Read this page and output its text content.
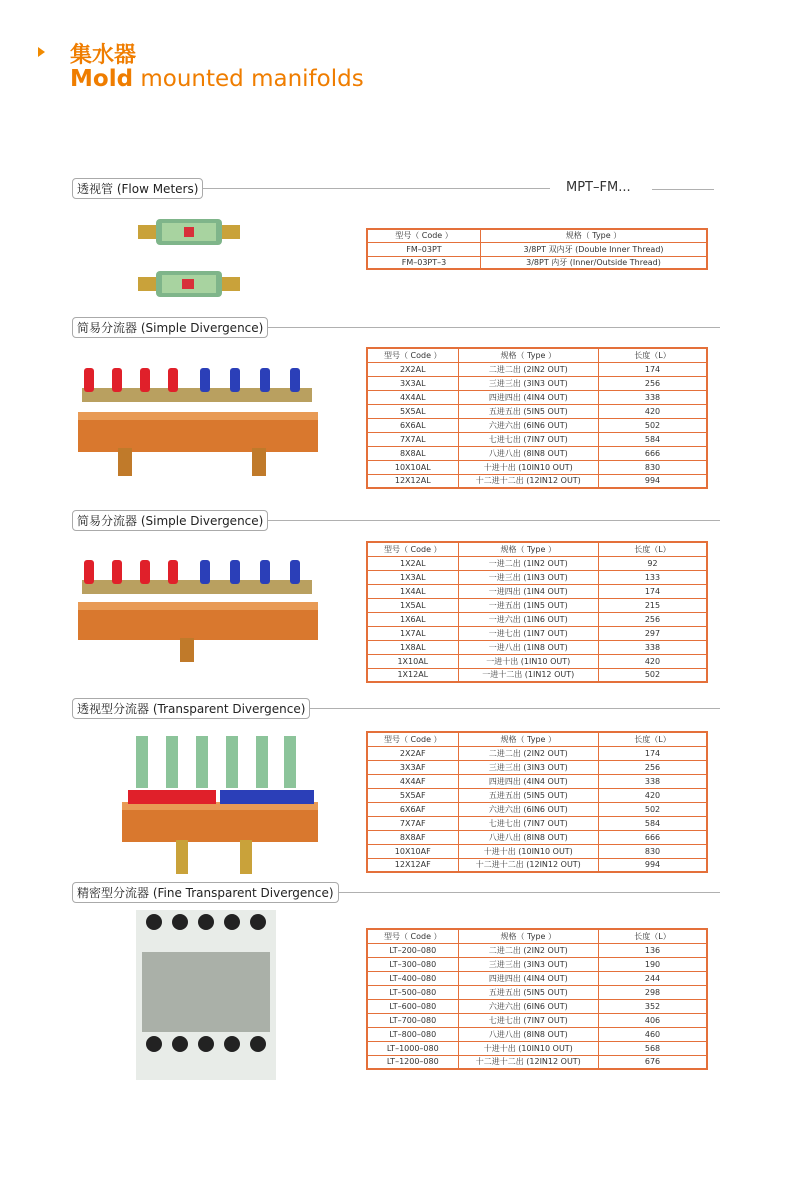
集水器
Mold mounted manifolds
透视管 (Flow Meters)	MPT–FM...
型号（ Code ）	规格（ Type ）
FM–03PT	3/8PT 双内牙 (Double Inner Thread)
FM–03PT–3	3/8PT 内牙 (Inner/Outside Thread)
简易分流器 (Simple Divergence)
型号（ Code ）	规格（ Type ）	长度（L）
2X2AL	二进二出 (2IN2 OUT)	174
3X3AL	三进三出 (3IN3 OUT)	256
4X4AL	四进四出 (4IN4 OUT)	338
5X5AL	五进五出 (5IN5 OUT)	420
6X6AL	六进六出 (6IN6 OUT)	502
7X7AL	七进七出 (7IN7 OUT)	584
8X8AL	八进八出 (8IN8 OUT)	666
10X10AL	十进十出 (10IN10 OUT)	830
12X12AL	十二进十二出 (12IN12 OUT)	994
简易分流器 (Simple Divergence)
型号（ Code ）	规格（ Type ）	长度（L）
1X2AL	一进二出 (1IN2 OUT)	92
1X3AL	一进三出 (1IN3 OUT)	133
1X4AL	一进四出 (1IN4 OUT)	174
1X5AL	一进五出 (1IN5 OUT)	215
1X6AL	一进六出 (1IN6 OUT)	256
1X7AL	一进七出 (1IN7 OUT)	297
1X8AL	一进八出 (1IN8 OUT)	338
1X10AL	一进十出 (1IN10 OUT)	420
1X12AL	一进十二出 (1IN12 OUT)	502
透视型分流器 (Transparent Divergence)
型号（ Code ）	规格（ Type ）	长度（L）
2X2AF	二进二出 (2IN2 OUT)	174
3X3AF	三进三出 (3IN3 OUT)	256
4X4AF	四进四出 (4IN4 OUT)	338
5X5AF	五进五出 (5IN5 OUT)	420
6X6AF	六进六出 (6IN6 OUT)	502
7X7AF	七进七出 (7IN7 OUT)	584
8X8AF	八进八出 (8IN8 OUT)	666
10X10AF	十进十出 (10IN10 OUT)	830
12X12AF	十二进十二出 (12IN12 OUT)	994
精密型分流器 (Fine Transparent Divergence)
型号（ Code ）	规格（ Type ）	长度（L）
LT–200–080	二进二出 (2IN2 OUT)	136
LT–300–080	三进三出 (3IN3 OUT)	190
LT–400–080	四进四出 (4IN4 OUT)	244
LT–500–080	五进五出 (5IN5 OUT)	298
LT–600–080	六进六出 (6IN6 OUT)	352
LT–700–080	七进七出 (7IN7 OUT)	406
LT–800–080	八进八出 (8IN8 OUT)	460
LT–1000–080	十进十出 (10IN10 OUT)	568
LT–1200–080	十二进十二出 (12IN12 OUT)	676
